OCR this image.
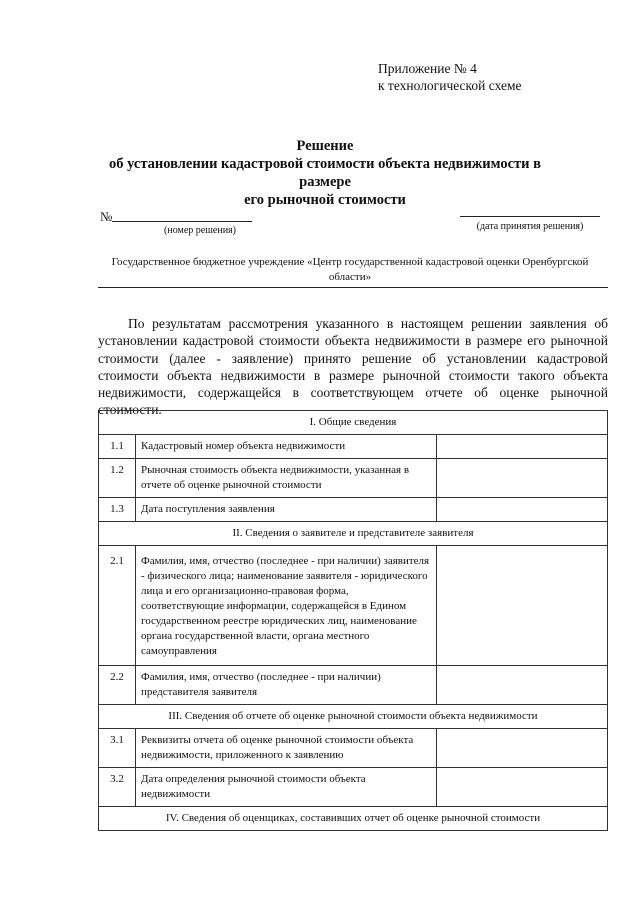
Приложение № 4
к технологической схеме
Решение
об установлении кадастровой стоимости объекта недвижимости в размере
его рыночной стоимости
№
(номер решения)	(дата принятия решения)
Государственное бюджетное учреждение «Центр государственной кадастровой оценки Оренбургской области»
По результатам рассмотрения указанного в настоящем решении заявления об установлении кадастровой стоимости объекта недвижимости в размере его рыночной стоимости (далее - заявление) принято решение об установлении кадастровой стоимости объекта недвижимости в размере рыночной стоимости такого объекта недвижимости, содержащейся в соответствующем отчете об оценке рыночной стоимости.
I. Общие сведения		
1.1	Кадастровый номер объекта недвижимости	
1.2	Рыночная стоимость объекта недвижимости, указанная в отчете об оценке рыночной стоимости	
1.3	Дата поступления заявления	
II. Сведения о заявителе и представителе заявителя		
2.1	Фамилия, имя, отчество (последнее - при наличии) заявителя - физического лица; наименование заявителя - юридического лица и его организационно-правовая форма, соответствующие информации, содержащейся в Едином государственном реестре юридических лиц, наименование органа государственной власти, органа местного самоуправления	
2.2	Фамилия, имя, отчество (последнее - при наличии) представителя заявителя	
III. Сведения об отчете об оценке рыночной стоимости объекта недвижимости		
3.1	Реквизиты отчета об оценке рыночной стоимости объекта недвижимости, приложенного к заявлению	
3.2	Дата определения рыночной стоимости объекта недвижимости	
IV. Сведения об оценщиках, составивших отчет об оценке рыночной стоимости		
